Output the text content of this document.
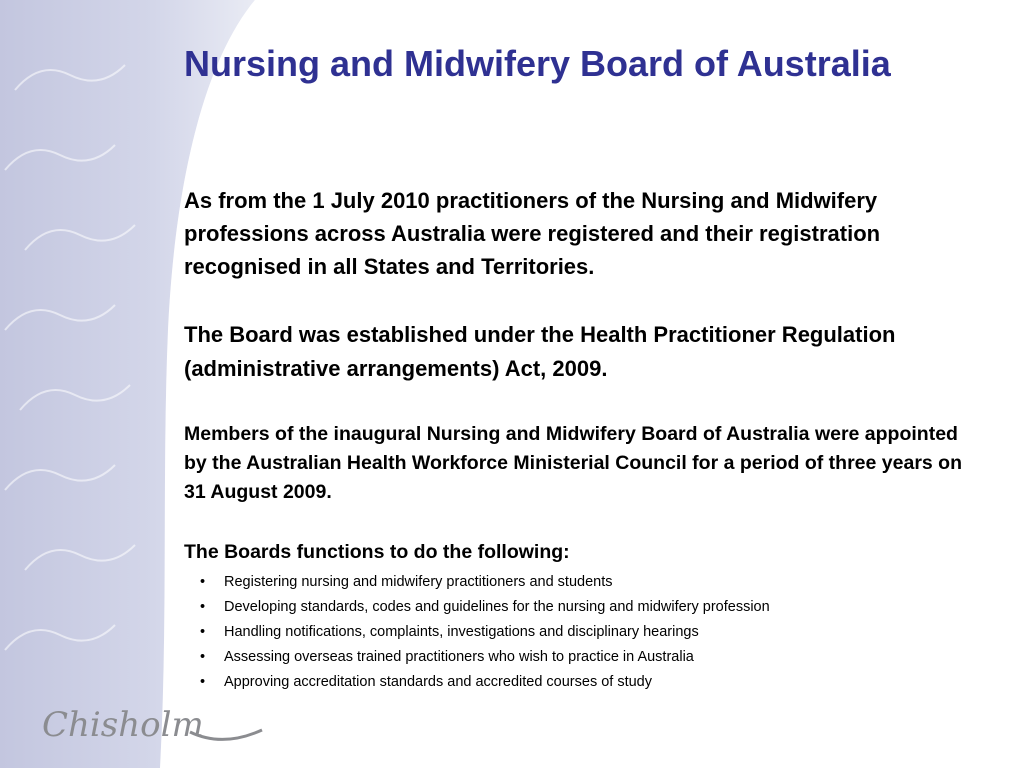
Nursing and Midwifery Board of Australia

As from the 1 July 2010 practitioners of the Nursing and Midwifery professions across Australia were registered and their registration recognised in all States and Territories.

The Board was established under the Health Practitioner Regulation (administrative arrangements) Act, 2009.

Members of the inaugural Nursing and Midwifery Board of Australia were appointed by the Australian Health Workforce Ministerial Council for a period of three years on 31 August 2009.

The Boards functions to do the following:

• Registering nursing and midwifery practitioners and students
• Developing standards, codes and guidelines for the nursing and midwifery profession
• Handling notifications, complaints, investigations and disciplinary hearings
• Assessing overseas trained practitioners who wish to practice in Australia
• Approving accreditation standards and accredited courses of study
Chisholm
